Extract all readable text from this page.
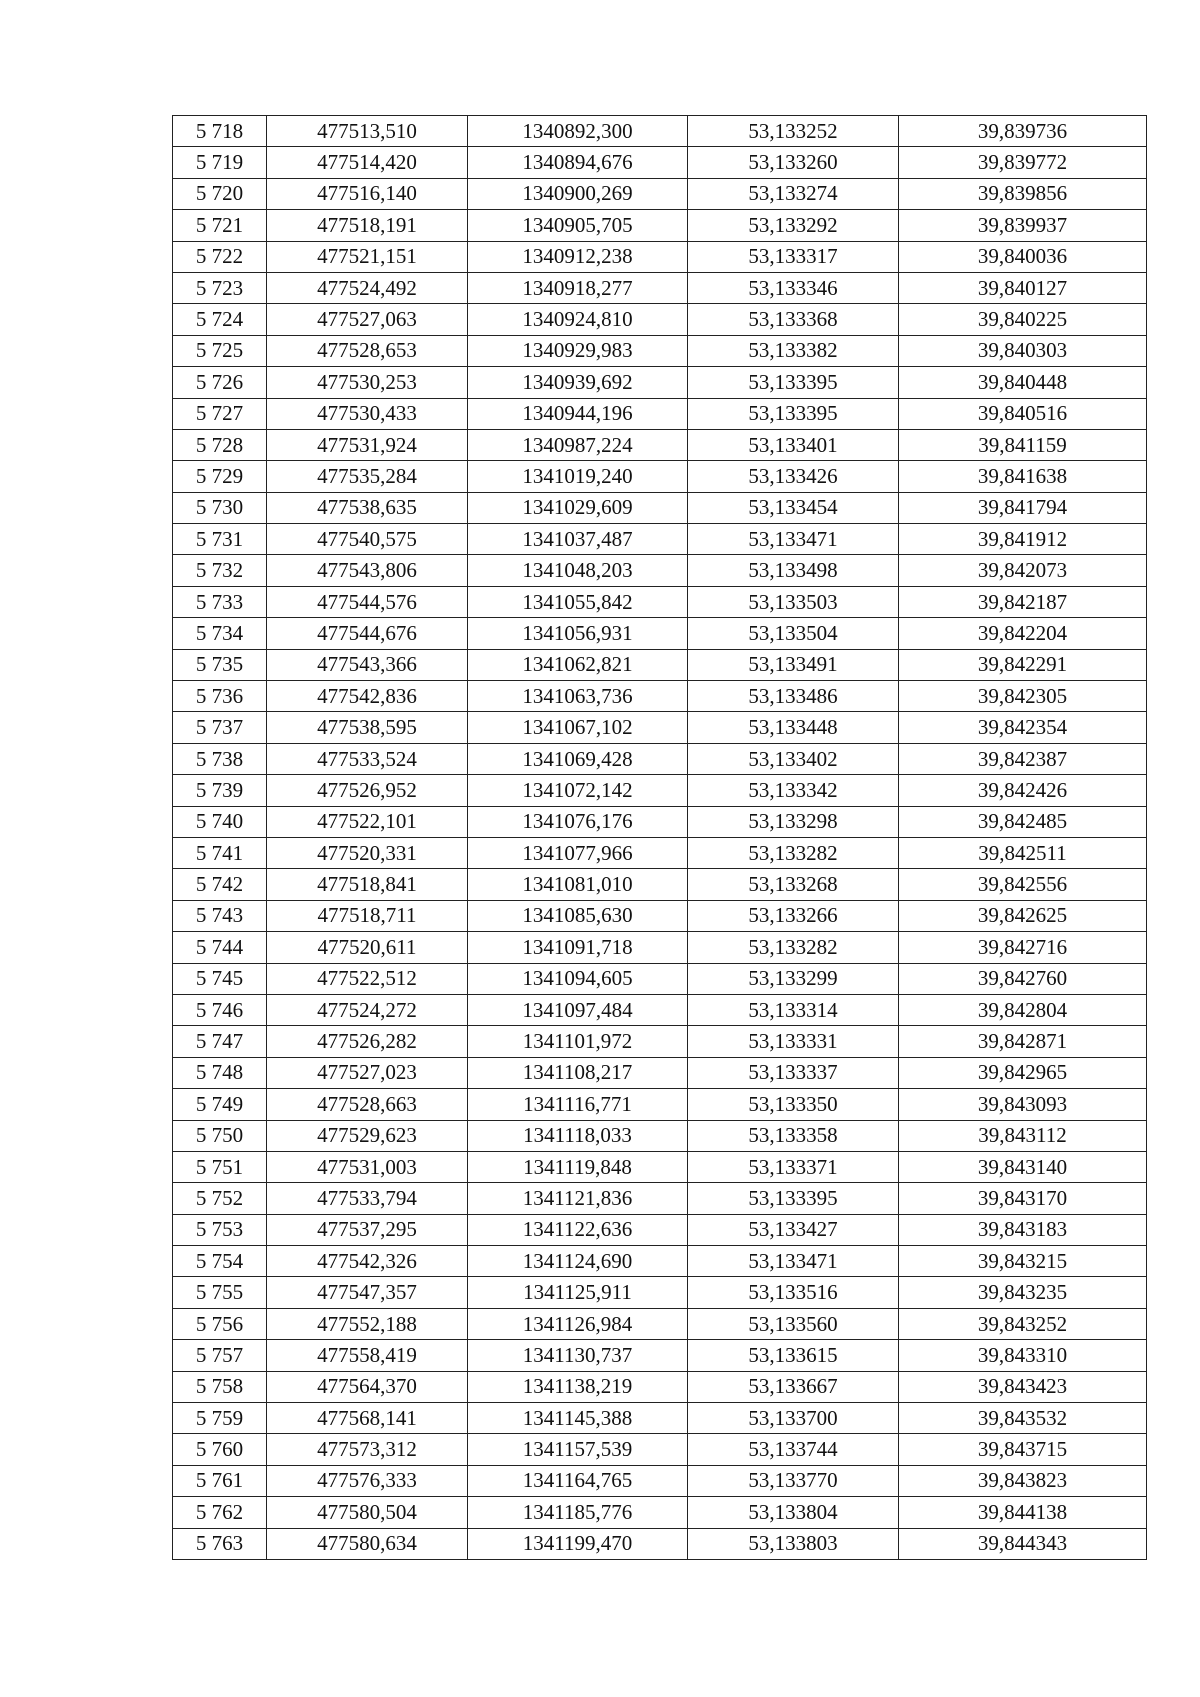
5 718	477513,510	1340892,300	53,133252	39,839736
5 719	477514,420	1340894,676	53,133260	39,839772
5 720	477516,140	1340900,269	53,133274	39,839856
5 721	477518,191	1340905,705	53,133292	39,839937
5 722	477521,151	1340912,238	53,133317	39,840036
5 723	477524,492	1340918,277	53,133346	39,840127
5 724	477527,063	1340924,810	53,133368	39,840225
5 725	477528,653	1340929,983	53,133382	39,840303
5 726	477530,253	1340939,692	53,133395	39,840448
5 727	477530,433	1340944,196	53,133395	39,840516
5 728	477531,924	1340987,224	53,133401	39,841159
5 729	477535,284	1341019,240	53,133426	39,841638
5 730	477538,635	1341029,609	53,133454	39,841794
5 731	477540,575	1341037,487	53,133471	39,841912
5 732	477543,806	1341048,203	53,133498	39,842073
5 733	477544,576	1341055,842	53,133503	39,842187
5 734	477544,676	1341056,931	53,133504	39,842204
5 735	477543,366	1341062,821	53,133491	39,842291
5 736	477542,836	1341063,736	53,133486	39,842305
5 737	477538,595	1341067,102	53,133448	39,842354
5 738	477533,524	1341069,428	53,133402	39,842387
5 739	477526,952	1341072,142	53,133342	39,842426
5 740	477522,101	1341076,176	53,133298	39,842485
5 741	477520,331	1341077,966	53,133282	39,842511
5 742	477518,841	1341081,010	53,133268	39,842556
5 743	477518,711	1341085,630	53,133266	39,842625
5 744	477520,611	1341091,718	53,133282	39,842716
5 745	477522,512	1341094,605	53,133299	39,842760
5 746	477524,272	1341097,484	53,133314	39,842804
5 747	477526,282	1341101,972	53,133331	39,842871
5 748	477527,023	1341108,217	53,133337	39,842965
5 749	477528,663	1341116,771	53,133350	39,843093
5 750	477529,623	1341118,033	53,133358	39,843112
5 751	477531,003	1341119,848	53,133371	39,843140
5 752	477533,794	1341121,836	53,133395	39,843170
5 753	477537,295	1341122,636	53,133427	39,843183
5 754	477542,326	1341124,690	53,133471	39,843215
5 755	477547,357	1341125,911	53,133516	39,843235
5 756	477552,188	1341126,984	53,133560	39,843252
5 757	477558,419	1341130,737	53,133615	39,843310
5 758	477564,370	1341138,219	53,133667	39,843423
5 759	477568,141	1341145,388	53,133700	39,843532
5 760	477573,312	1341157,539	53,133744	39,843715
5 761	477576,333	1341164,765	53,133770	39,843823
5 762	477580,504	1341185,776	53,133804	39,844138
5 763	477580,634	1341199,470	53,133803	39,844343
